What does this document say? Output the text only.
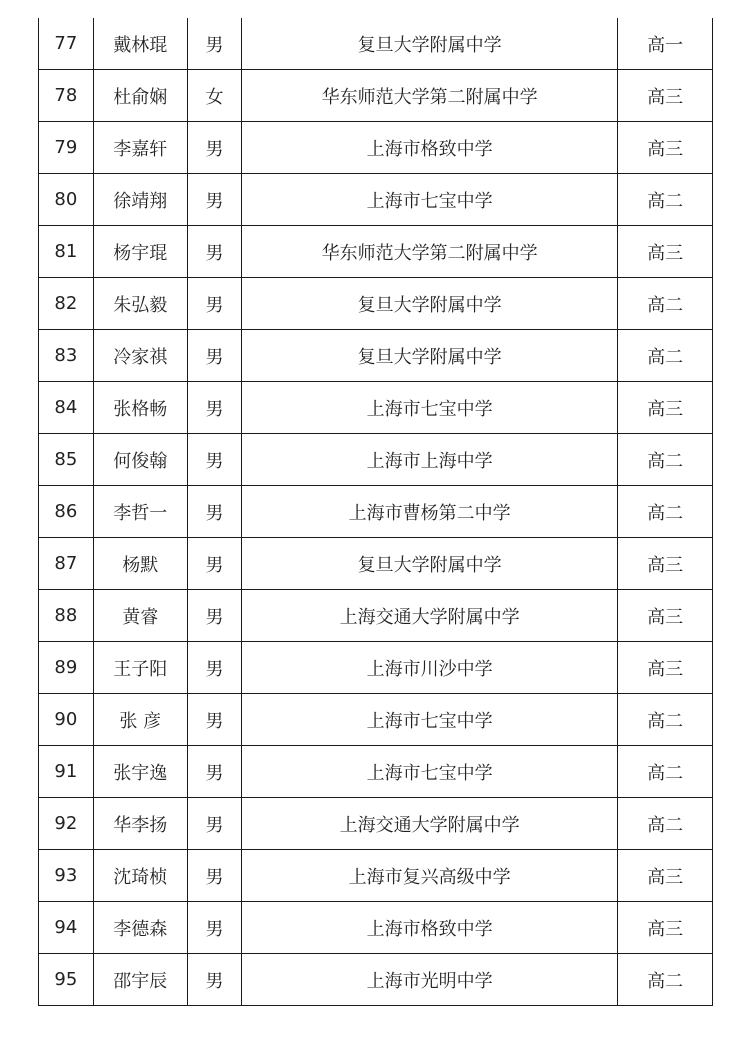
77	戴林琨	男	复旦大学附属中学	高一
78	杜俞娴	女	华东师范大学第二附属中学	高三
79	李嘉轩	男	上海市格致中学	高三
80	徐靖翔	男	上海市七宝中学	高二
81	杨宇琨	男	华东师范大学第二附属中学	高三
82	朱弘毅	男	复旦大学附属中学	高二
83	冷家祺	男	复旦大学附属中学	高二
84	张格畅	男	上海市七宝中学	高三
85	何俊翰	男	上海市上海中学	高二
86	李哲一	男	上海市曹杨第二中学	高二
87	杨默	男	复旦大学附属中学	高三
88	黄睿	男	上海交通大学附属中学	高三
89	王子阳	男	上海市川沙中学	高三
90	张 彦	男	上海市七宝中学	高二
91	张宇逸	男	上海市七宝中学	高二
92	华李扬	男	上海交通大学附属中学	高二
93	沈琦桢	男	上海市复兴高级中学	高三
94	李德森	男	上海市格致中学	高三
95	邵宇辰	男	上海市光明中学	高二
